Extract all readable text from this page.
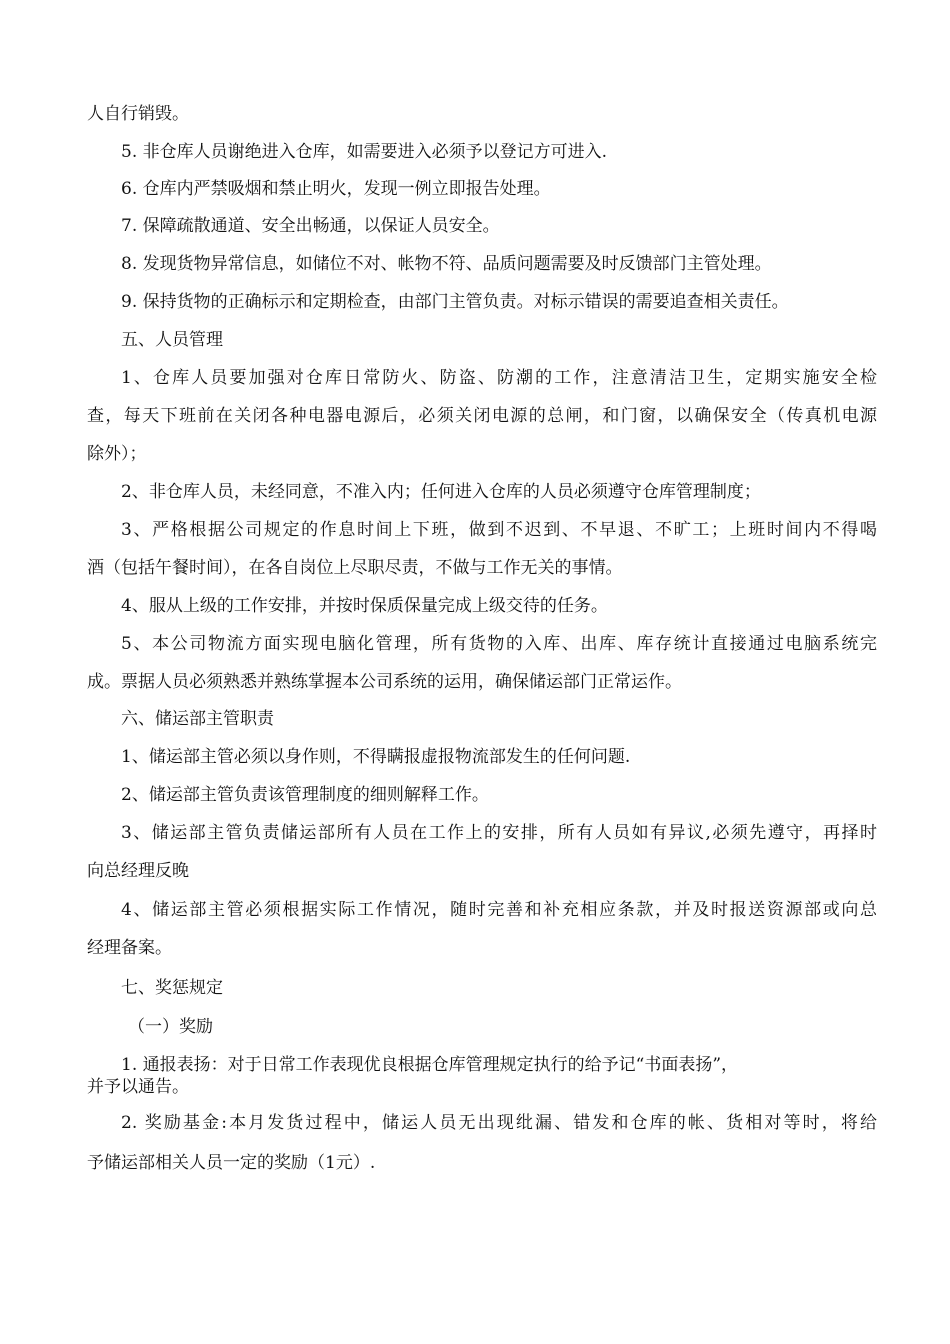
人自行销毁。
5. 非仓库人员谢绝进入仓库，如需要进入必须予以登记方可进入.
6. 仓库内严禁吸烟和禁止明火，发现一例立即报告处理。
7. 保障疏散通道、安全出畅通，以保证人员安全。
8. 发现货物异常信息，如储位不对、帐物不符、品质问题需要及时反馈部门主管处理。
9. 保持货物的正确标示和定期检查，由部门主管负责。对标示错误的需要追查相关责任。
五、人员管理
1、仓库人员要加强对仓库日常防火、防盗、防潮的工作，注意清洁卫生，定期实施安全检
查，每天下班前在关闭各种电器电源后，必须关闭电源的总闸，和门窗，以确保安全（传真机电源
除外）；
2、非仓库人员，未经同意，不准入内；任何进入仓库的人员必须遵守仓库管理制度；
3、严格根据公司规定的作息时间上下班，做到不迟到、不早退、不旷工；上班时间内不得喝
酒（包括午餐时间），在各自岗位上尽职尽责，不做与工作无关的事情。
4、服从上级的工作安排，并按时保质保量完成上级交待的任务。
5、本公司物流方面实现电脑化管理，所有货物的入库、出库、库存统计直接通过电脑系统完
成。票据人员必须熟悉并熟练掌握本公司系统的运用，确保储运部门正常运作。
六、储运部主管职责
1、储运部主管必须以身作则，不得瞒报虚报物流部发生的任何问题.
2、储运部主管负责该管理制度的细则解释工作。
3、储运部主管负责储运部所有人员在工作上的安排，所有人员如有异议,必须先遵守，再择时
向总经理反晚
4、储运部主管必须根据实际工作情况，随时完善和补充相应条款，并及时报送资源部或向总
经理备案。
七、奖惩规定
（一）奖励
1. 通报表扬：对于日常工作表现优良根据仓库管理规定执行的给予记“书面表扬”，
并予以通告。
2. 奖励基金:本月发货过程中，储运人员无出现纰漏、错发和仓库的帐、货相对等时，将给
予储运部相关人员一定的奖励（1元）.
